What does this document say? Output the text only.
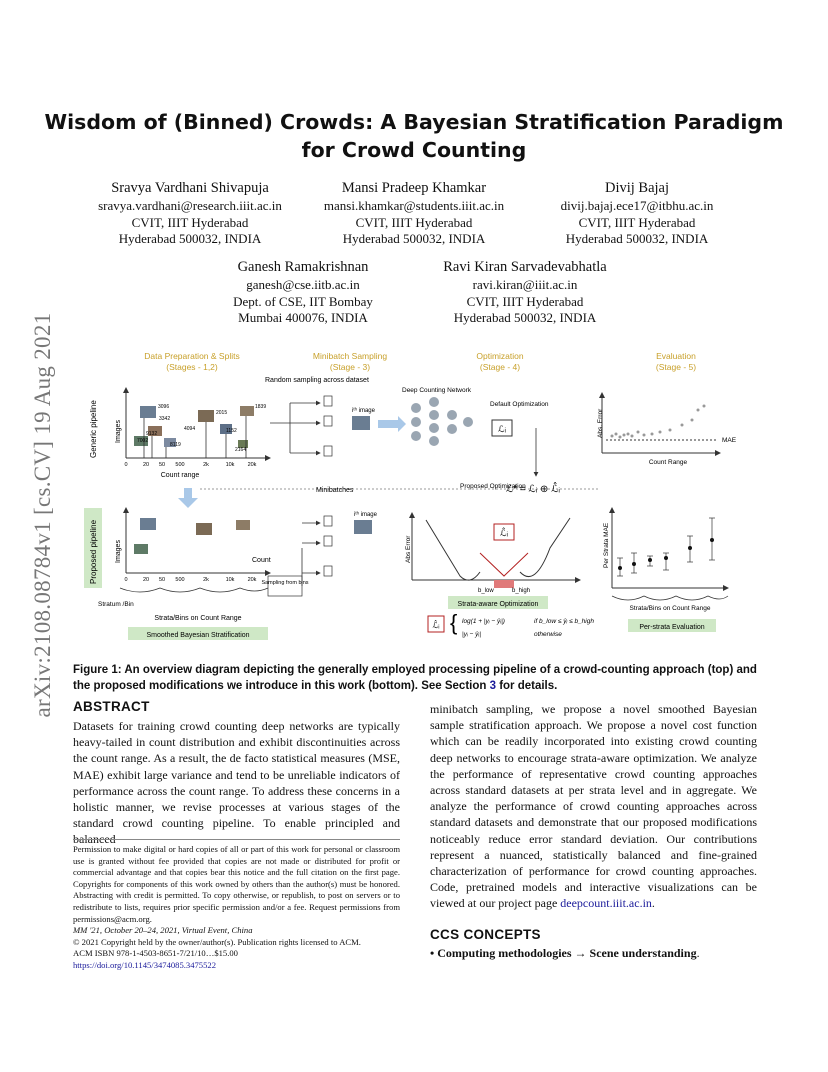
arXiv:2108.08784v1 [cs.CV] 19 Aug 2021
Wisdom of (Binned) Crowds: A Bayesian Stratification Paradigm
for Crowd Counting
Sravya Vardhani Shivapuja
sravya.vardhani@research.iiit.ac.in
CVIT, IIIT Hyderabad
Hyderabad 500032, INDIA
Mansi Pradeep Khamkar
mansi.khamkar@students.iiit.ac.in
CVIT, IIIT Hyderabad
Hyderabad 500032, INDIA
Divij Bajaj
divij.bajaj.ece17@itbhu.ac.in
CVIT, IIIT Hyderabad
Hyderabad 500032, INDIA
Ganesh Ramakrishnan
ganesh@cse.iitb.ac.in
Dept. of CSE, IIT Bombay
Mumbai 400076, INDIA
Ravi Kiran Sarvadevabhatla
ravi.kiran@iiit.ac.in
CVIT, IIIT Hyderabad
Hyderabad 500032, INDIA
Data Preparation & Splits
(Stages - 1,2)
Minibatch Sampling
(Stage - 3)
Optimization
(Stage - 4)
Evaluation
(Stage - 5)
Generic pipeline
Proposed pipeline
Images
3096
3342
9132
7002
8119
4094
2015
1152
2164
1839
0	20 50 500	2k	10k 20k
Count range
Random sampling across dataset
iᵗʰ image
Deep Counting Network
Default Optimization
ℒᵢ
Proposed Optimization
ℒ* = ℒᵢ ⊕ ℒ̂ᵢ
Abs. Error
MAE
Count Range
Minibatches
Images	Count
0	20 50 500	2k	10k 20k
Stratum /Bin
Strata/Bins on Count Range
Smoothed Bayesian Stratification
Sampling from bins
iᵗʰ image
Abs Error
ℒ̂ᵢ
b_low	b_high
Strata-aware Optimization
ℒ̂ᵢ { log(1 + |yᵢ − ŷᵢ|)	if b_low ≤ ŷᵢ ≤ b_high
|yᵢ − ŷᵢ|	otherwise
Per Strata MAE
Strata/Bins on Count Range
Per-strata Evaluation
Figure 1: An overview diagram depicting the generally employed processing pipeline of a crowd-counting approach (top) and the proposed modifications we introduce in this work (bottom). See Section 3 for details.
ABSTRACT
Datasets for training crowd counting deep networks are typically heavy-tailed in count distribution and exhibit discontinuities across the count range. As a result, the de facto statistical measures (MSE, MAE) exhibit large variance and tend to be unreliable indicators of performance across the count range. To address these concerns in a holistic manner, we revise processes at various stages of the standard crowd counting pipeline. To enable principled and balanced
minibatch sampling, we propose a novel smoothed Bayesian sample stratification approach. We propose a novel cost function which can be readily incorporated into existing crowd counting deep networks to encourage strata-aware optimization. We analyze the performance of representative crowd counting approaches across standard datasets at per strata level and in aggregate. We analyze the performance of crowd counting approaches across standard datasets and demonstrate that our proposed modifications noticeably reduce error standard deviation. Our contributions represent a nuanced, statistically balanced and fine-grained characterization of performance for crowd counting approaches. Code, pretrained models and interactive visualizations can be viewed at our project page deepcount.iiit.ac.in.
Permission to make digital or hard copies of all or part of this work for personal or classroom use is granted without fee provided that copies are not made or distributed for profit or commercial advantage and that copies bear this notice and the full citation on the first page. Copyrights for components of this work owned by others than the author(s) must be honored. Abstracting with credit is permitted. To copy otherwise, or republish, to post on servers or to redistribute to lists, requires prior specific permission and/or a fee. Request permissions from permissions@acm.org.
MM '21, October 20–24, 2021, Virtual Event, China
© 2021 Copyright held by the owner/author(s). Publication rights licensed to ACM.
ACM ISBN 978-1-4503-8651-7/21/10…$15.00
https://doi.org/10.1145/3474085.3475522
CCS CONCEPTS
• Computing methodologies → Scene understanding.
